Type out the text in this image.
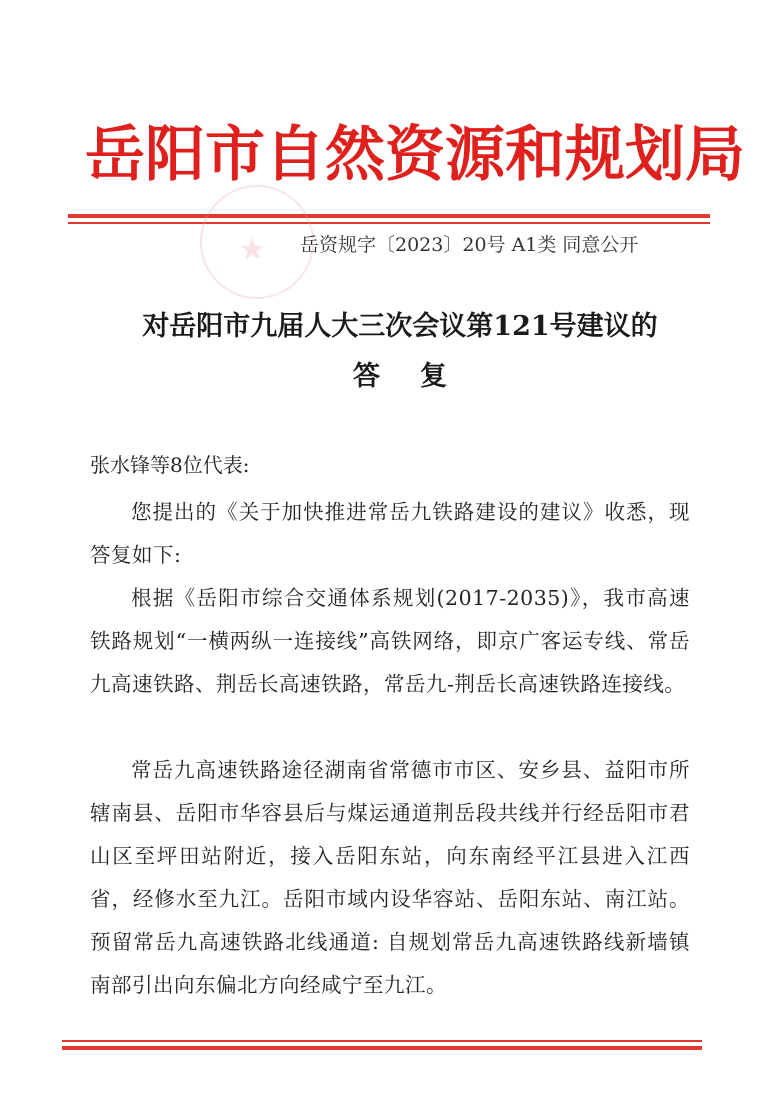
岳阳市自然资源和规划局
★ 岳资规字〔2023〕20号 A1类 同意公开
对岳阳市九届人大三次会议第121号建议的
答复
张水锋等8位代表:
您提出的《关于加快推进常岳九铁路建设的建议》收悉，现答复如下:
根据《岳阳市综合交通体系规划(2017-2035)》，我市高速铁路规划“一横两纵一连接线”高铁网络，即京广客运专线、常岳九高速铁路、荆岳长高速铁路，常岳九-荆岳长高速铁路连接线。
常岳九高速铁路途径湖南省常德市市区、安乡县、益阳市所辖南县、岳阳市华容县后与煤运通道荆岳段共线并行经岳阳市君山区至坪田站附近，接入岳阳东站，向东南经平江县进入江西省，经修水至九江。岳阳市域内设华容站、岳阳东站、南江站。预留常岳九高速铁路北线通道: 自规划常岳九高速铁路线新墙镇南部引出向东偏北方向经咸宁至九江。
